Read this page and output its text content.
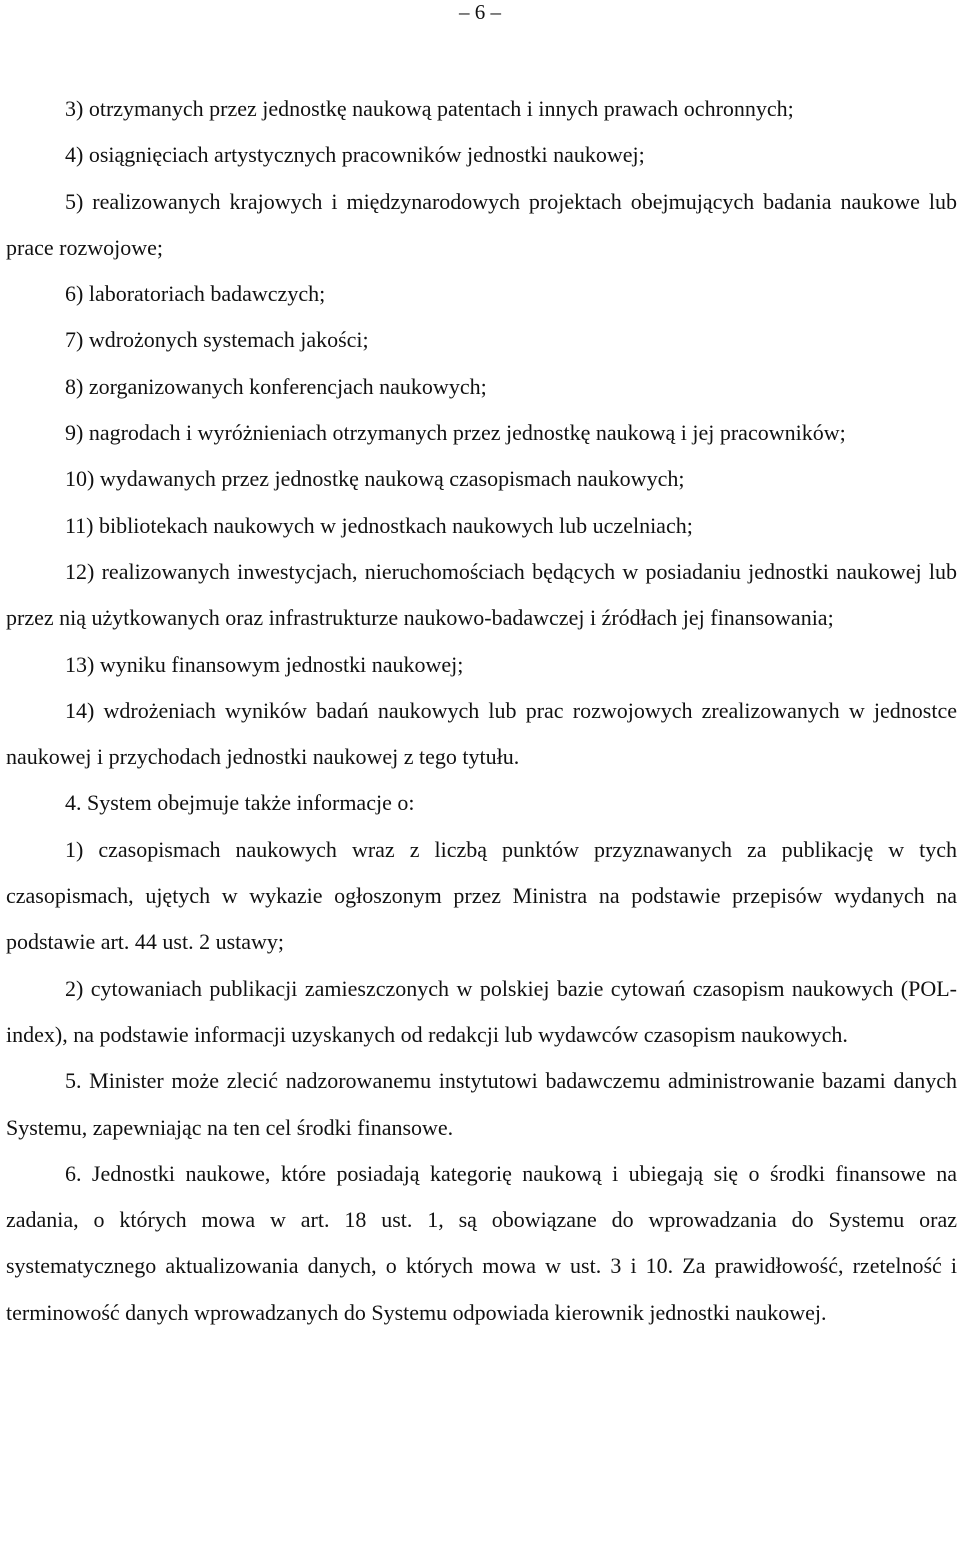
– 6 –

3) otrzymanych przez jednostkę naukową patentach i innych prawach ochronnych;

4) osiągnięciach artystycznych pracowników jednostki naukowej;

5) realizowanych krajowych i międzynarodowych projektach obejmujących badania naukowe lub prace rozwojowe;

6) laboratoriach badawczych;

7) wdrożonych systemach jakości;

8) zorganizowanych konferencjach naukowych;

9) nagrodach i wyróżnieniach otrzymanych przez jednostkę naukową i jej pracowników;

10) wydawanych przez jednostkę naukową czasopismach naukowych;

11) bibliotekach naukowych w jednostkach naukowych lub uczelniach;

12) realizowanych inwestycjach, nieruchomościach będących w posiadaniu jednostki naukowej lub przez nią użytkowanych oraz infrastrukturze naukowo-badawczej i źródłach jej finansowania;

13) wyniku finansowym jednostki naukowej;

14) wdrożeniach wyników badań naukowych lub prac rozwojowych zrealizowanych w jednostce naukowej i przychodach jednostki naukowej z tego tytułu.

4. System obejmuje także informacje o:

1) czasopismach naukowych wraz z liczbą punktów przyznawanych za publikację w tych czasopismach, ujętych w wykazie ogłoszonym przez Ministra na podstawie przepisów wydanych na podstawie art. 44 ust. 2 ustawy;

2) cytowaniach publikacji zamieszczonych w polskiej bazie cytowań czasopism naukowych (POL-index), na podstawie informacji uzyskanych od redakcji lub wydawców czasopism naukowych.

5. Minister może zlecić nadzorowanemu instytutowi badawczemu administrowanie bazami danych Systemu, zapewniając na ten cel środki finansowe.

6. Jednostki naukowe, które posiadają kategorię naukową i ubiegają się o środki finansowe na zadania, o których mowa w art. 18 ust. 1, są obowiązane do wprowadzania do Systemu oraz systematycznego aktualizowania danych, o których mowa w ust. 3 i 10. Za prawidłowość, rzetelność i terminowość danych wprowadzanych do Systemu odpowiada kierownik jednostki naukowej.
